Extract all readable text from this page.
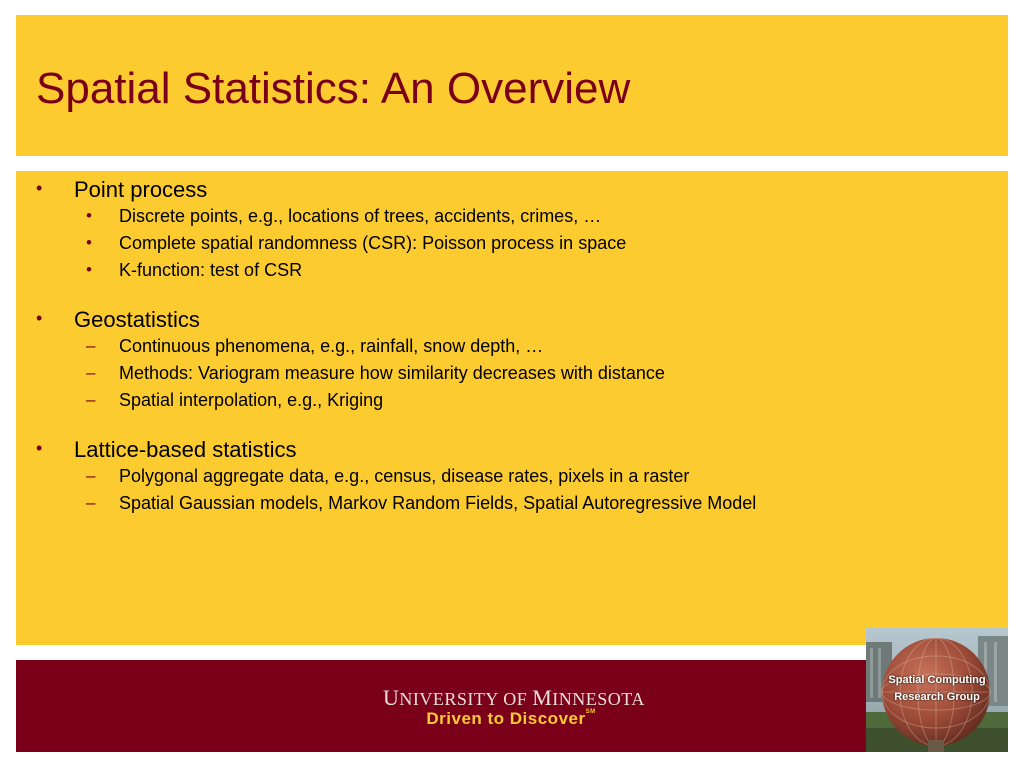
Spatial Statistics: An Overview
• Point process
• Discrete points, e.g., locations of trees, accidents, crimes, …
• Complete spatial randomness (CSR): Poisson process in space
• K-function: test of CSR
• Geostatistics
– Continuous phenomena, e.g., rainfall, snow depth, …
– Methods: Variogram measure how similarity decreases with distance
– Spatial interpolation, e.g., Kriging
• Lattice-based statistics
– Polygonal aggregate data, e.g., census, disease rates, pixels in a raster
– Spatial Gaussian models, Markov Random Fields, Spatial Autoregressive Model
UNIVERSITY OF MINNESOTA
Driven to Discover℠
Spatial Computing
Research Group
